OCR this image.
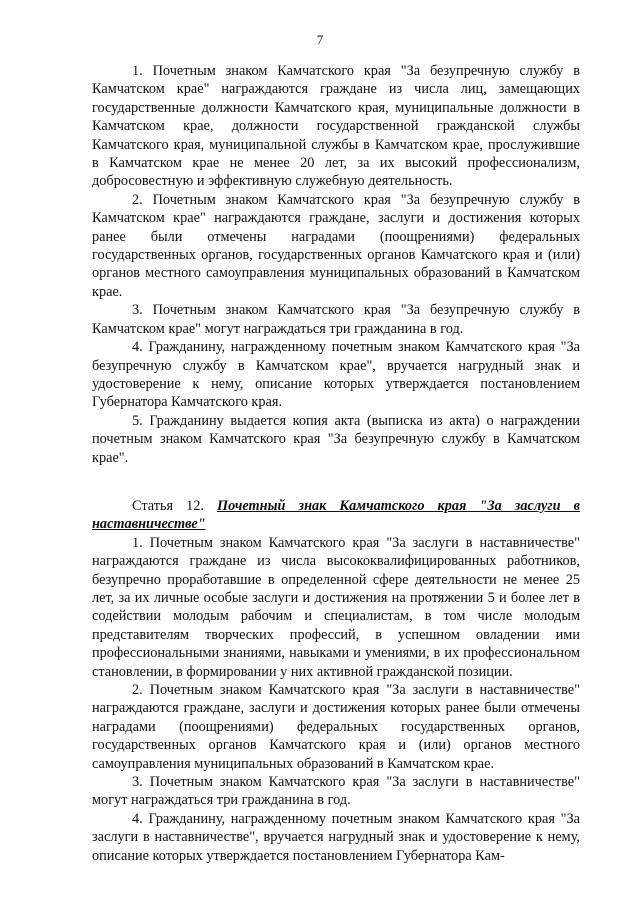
7

1. Почетным знаком Камчатского края "За безупречную службу в Камчатском крае" награждаются граждане из числа лиц, замещающих государственные должности Камчатского края, муниципальные должности в Камчатском крае, должности государственной гражданской службы Камчатского края, муниципальной службы в Камчатском крае, прослужившие в Камчатском крае не менее 20 лет, за их высокий профессионализм, добросовестную и эффективную служебную деятельность.

2. Почетным знаком Камчатского края "За безупречную службу в Камчатском крае" награждаются граждане, заслуги и достижения которых ранее были отмечены наградами (поощрениями) федеральных государственных органов, государственных органов Камчатского края и (или) органов местного самоуправления муниципальных образований в Камчатском крае.

3. Почетным знаком Камчатского края "За безупречную службу в Камчатском крае" могут награждаться три гражданина в год.

4. Гражданину, награжденному почетным знаком Камчатского края "За безупречную службу в Камчатском крае", вручается нагрудный знак и удостоверение к нему, описание которых утверждается постановлением Губернатора Камчатского края.

5. Гражданину выдается копия акта (выписка из акта) о награждении почетным знаком Камчатского края "За безупречную службу в Камчатском крае".

Статья 12. Почетный знак Камчатского края "За заслуги в наставничестве"

1. Почетным знаком Камчатского края "За заслуги в наставничестве" награждаются граждане из числа высококвалифицированных работников, безупречно проработавшие в определенной сфере деятельности не менее 25 лет, за их личные особые заслуги и достижения на протяжении 5 и более лет в содействии молодым рабочим и специалистам, в том числе молодым представителям творческих профессий, в успешном овладении ими профессиональными знаниями, навыками и умениями, в их профессиональном становлении, в формировании у них активной гражданской позиции.

2. Почетным знаком Камчатского края "За заслуги в наставничестве" награждаются граждане, заслуги и достижения которых ранее были отмечены наградами (поощрениями) федеральных государственных органов, государственных органов Камчатского края и (или) органов местного самоуправления муниципальных образований в Камчатском крае.

3. Почетным знаком Камчатского края "За заслуги в наставничестве" могут награждаться три гражданина в год.

4. Гражданину, награжденному почетным знаком Камчатского края "За заслуги в наставничестве", вручается нагрудный знак и удостоверение к нему, описание которых утверждается постановлением Губернатора Кам-
